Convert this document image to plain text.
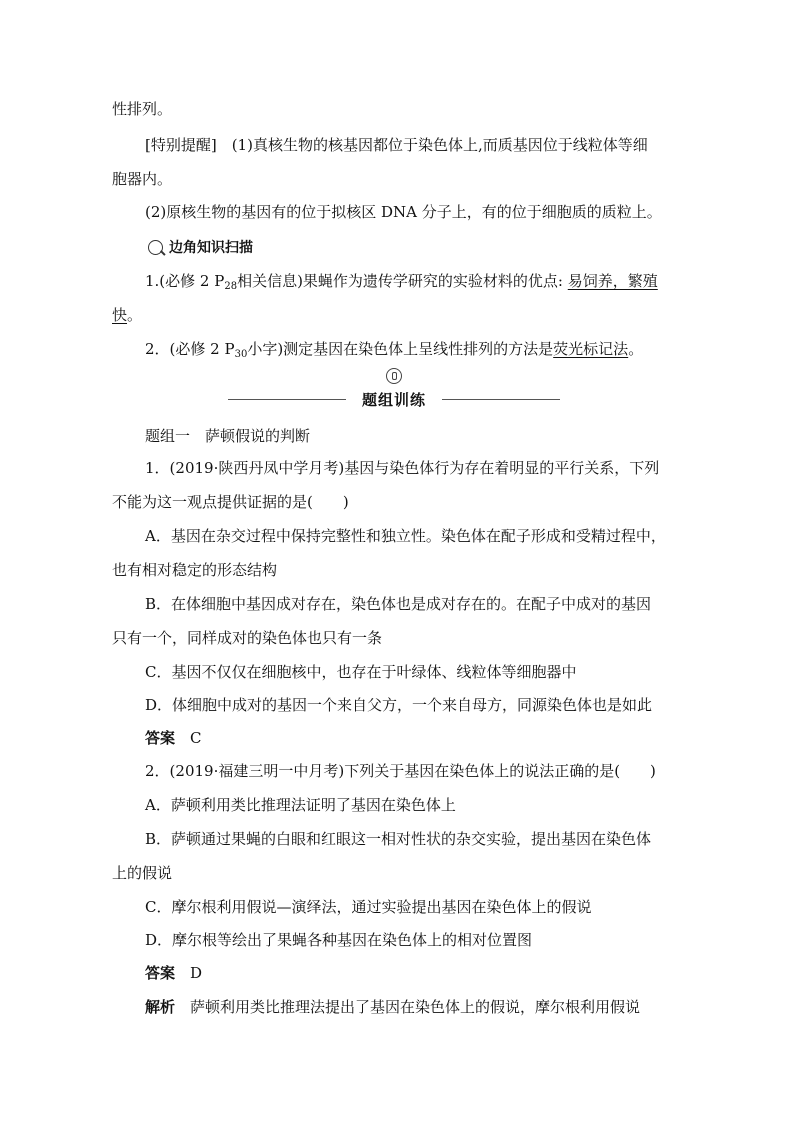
性排列。
[特别提醒]　(1)真核生物的核基因都位于染色体上,而质基因位于线粒体等细
胞器内。
(2)原核生物的基因有的位于拟核区 DNA 分子上，有的位于细胞质的质粒上。
边角知识扫描
1.(必修 2 $P_{28}$相关信息)果蝇作为遗传学研究的实验材料的优点: 易饲养，繁殖
快。
2．(必修 2 $P_{30}$小字)测定基因在染色体上呈线性排列的方法是荧光标记法。
题组训练
题组一　萨顿假说的判断
1．(2019·陕西丹凤中学月考)基因与染色体行为存在着明显的平行关系，下列
不能为这一观点提供证据的是(　　)
A．基因在杂交过程中保持完整性和独立性。染色体在配子形成和受精过程中，
也有相对稳定的形态结构
B．在体细胞中基因成对存在，染色体也是成对存在的。在配子中成对的基因
只有一个，同样成对的染色体也只有一条
C．基因不仅仅在细胞核中，也存在于叶绿体、线粒体等细胞器中
D．体细胞中成对的基因一个来自父方，一个来自母方，同源染色体也是如此
答案　 C
2．(2019·福建三明一中月考)下列关于基因在染色体上的说法正确的是(　　)
A．萨顿利用类比推理法证明了基因在染色体上
B．萨顿通过果蝇的白眼和红眼这一相对性状的杂交实验，提出基因在染色体
上的假说
C．摩尔根利用假说—演绎法，通过实验提出基因在染色体上的假说
D．摩尔根等绘出了果蝇各种基因在染色体上的相对位置图
答案　 D
解析　 萨顿利用类比推理法提出了基因在染色体上的假说，摩尔根利用假说
